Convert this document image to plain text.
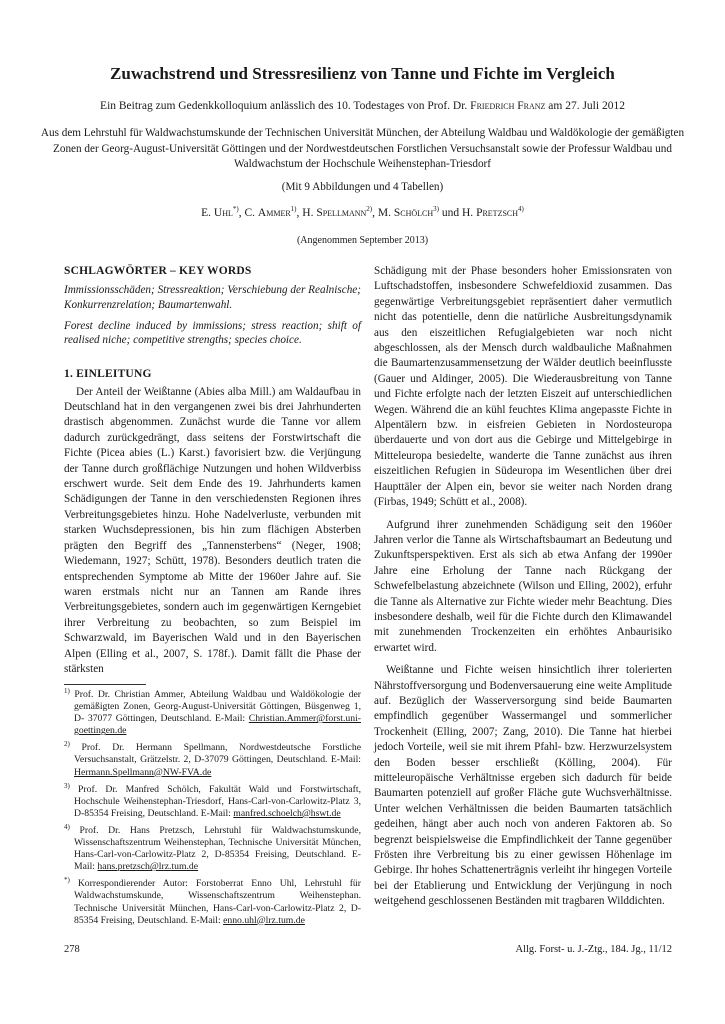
Zuwachstrend und Stressresilienz von Tanne und Fichte im Vergleich
Ein Beitrag zum Gedenkkolloquium anlässlich des 10. Todestages von Prof. Dr. Friedrich Franz am 27. Juli 2012
Aus dem Lehrstuhl für Waldwachstumskunde der Technischen Universität München, der Abteilung Waldbau und Waldökologie der gemäßigten Zonen der Georg-August-Universität Göttingen und der Nordwestdeutschen Forstlichen Versuchsanstalt sowie der Professur Waldbau und Waldwachstum der Hochschule Weihenstephan-Triesdorf
(Mit 9 Abbildungen und 4 Tabellen)
E. Uhl*), C. Ammer$^{1)}$, H. Spellmann$^{2)}$, M. Schölch$^{3)}$ und H. Pretzsch$^{4)}$
(Angenommen September 2013)

SCHLAGWÖRTER – KEY WORDS

Immissionsschäden; Stressreaktion; Verschiebung der Realnische; Konkurrenzrelation; Baumartenwahl.

Forest decline induced by immissions; stress reaction; shift of realised niche; competitive strengths; species choice.

1. EINLEITUNG

Der Anteil der Weißtanne (Abies alba Mill.) am Waldaufbau in Deutschland hat in den vergangenen zwei bis drei Jahrhunderten drastisch abgenommen. Zunächst wurde die Tanne vor allem dadurch zurückgedrängt, dass seitens der Forstwirtschaft die Fichte (Picea abies (L.) Karst.) favorisiert bzw. die Verjüngung der Tanne durch großflächige Nutzungen und hohen Wildverbiss erschwert wurde. Seit dem Ende des 19. Jahrhunderts kamen Schädigungen der Tanne in den verschiedensten Regionen ihres Verbreitungsgebietes hinzu. Hohe Nadelverluste, verbunden mit starken Wuchsdepressionen, bis hin zum flächigen Absterben prägten den Begriff des „Tannensterbens“ (Neger, 1908; Wiedemann, 1927; Schütt, 1978). Besonders deutlich traten die entsprechenden Symptome ab Mitte der 1960er Jahre auf. Sie waren erstmals nicht nur an Tannen am Rande ihres Verbreitungsgebietes, sondern auch im gegenwärtigen Kerngebiet ihrer Verbreitung zu beobachten, so zum Beispiel im Schwarzwald, im Bayerischen Wald und in den Bayerischen Alpen (Elling et al., 2007, S. 178f.). Damit fällt die Phase der stärksten

$^{1)}$ Prof. Dr. Christian Ammer, Abteilung Waldbau und Waldökologie der gemäßigten Zonen, Georg-August-Universität Göttingen, Büsgenweg 1, D- 37077 Göttingen, Deutschland. E-Mail: Christian.Ammer@forst.uni-goettingen.de

$^{2)}$ Prof. Dr. Hermann Spellmann, Nordwestdeutsche Forstliche Versuchsanstalt, Grätzelstr. 2, D-37079 Göttingen, Deutschland. E-Mail: Hermann.Spellmann@NW-FVA.de

$^{3)}$ Prof. Dr. Manfred Schölch, Fakultät Wald und Forstwirtschaft, Hochschule Weihenstephan-Triesdorf, Hans-Carl-von-Carlowitz-Platz 3, D-85354 Freising, Deutschland. E-Mail: manfred.schoelch@hswt.de

$^{4)}$ Prof. Dr. Hans Pretzsch, Lehrstuhl für Waldwachstumskunde, Wissenschaftszentrum Weihenstephan, Technische Universität München, Hans-Carl-von-Carlowitz-Platz 2, D-85354 Freising, Deutschland. E-Mail: hans.pretzsch@lrz.tum.de

*) Korrespondierender Autor: Forstoberrat Enno Uhl, Lehrstuhl für Waldwachstumskunde, Wissenschaftszentrum Weihenstephan. Technische Universität München, Hans-Carl-von-Carlowitz-Platz 2, D- 85354 Freising, Deutschland. E-Mail: enno.uhl@lrz.tum.de

Schädigung mit der Phase besonders hoher Emissionsraten von Luftschadstoffen, insbesondere Schwefeldioxid zusammen. Das gegenwärtige Verbreitungsgebiet repräsentiert daher vermutlich nicht das potentielle, denn die natürliche Ausbreitungsdynamik aus den eiszeitlichen Refugialgebieten war noch nicht abgeschlossen, als der Mensch durch waldbauliche Maßnahmen die Baumartenzusammensetzung der Wälder deutlich beeinflusste (Gauer und Aldinger, 2005). Die Wiederausbreitung von Tanne und Fichte erfolgte nach der letzten Eiszeit auf unterschiedlichen Wegen. Während die an kühl feuchtes Klima angepasste Fichte in Alpentälern bzw. in eisfreien Gebieten in Nordosteuropa überdauerte und von dort aus die Gebirge und Mittelgebirge in Mitteleuropa besiedelte, wanderte die Tanne zunächst aus ihren eiszeitlichen Refugien in Südeuropa im Wesentlichen über drei Haupttäler der Alpen ein, bevor sie weiter nach Norden drang (Firbas, 1949; Schütt et al., 2008).

Aufgrund ihrer zunehmenden Schädigung seit den 1960er Jahren verlor die Tanne als Wirtschaftsbaumart an Bedeutung und Zukunftsperspektiven. Erst als sich ab etwa Anfang der 1990er Jahre eine Erholung der Tanne nach Rückgang der Schwefelbelastung abzeichnete (Wilson und Elling, 2002), erfuhr die Tanne als Alternative zur Fichte wieder mehr Beachtung. Dies insbesondere deshalb, weil für die Fichte durch den Klimawandel mit zunehmenden Trockenzeiten ein erhöhtes Anbaurisiko erwartet wird.

Weißtanne und Fichte weisen hinsichtlich ihrer tolerierten Nährstoffversorgung und Bodenversauerung eine weite Amplitude auf. Bezüglich der Wasserversorgung sind beide Baumarten empfindlich gegenüber Wassermangel und sommerlicher Trockenheit (Elling, 2007; Zang, 2010). Die Tanne hat hierbei jedoch Vorteile, weil sie mit ihrem Pfahl- bzw. Herzwurzelsystem den Boden besser erschließt (Kölling, 2004). Für mitteleuropäische Verhältnisse ergeben sich dadurch für beide Baumarten potenziell auf großer Fläche gute Wuchsverhältnisse. Unter welchen Verhältnissen die beiden Baumarten tatsächlich gedeihen, hängt aber auch noch von anderen Faktoren ab. So begrenzt beispielsweise die Empfindlichkeit der Tanne gegenüber Frösten ihre Verbreitung bis zu einer gewissen Höhenlage im Gebirge. Ihr hohes Schattenerträgnis verleiht ihr hingegen Vorteile bei der Etablierung und Entwicklung der Verjüngung in noch weitgehend geschlossenen Beständen mit tragbaren Wilddichten.

278	Allg. Forst- u. J.-Ztg., 184. Jg., 11/12
